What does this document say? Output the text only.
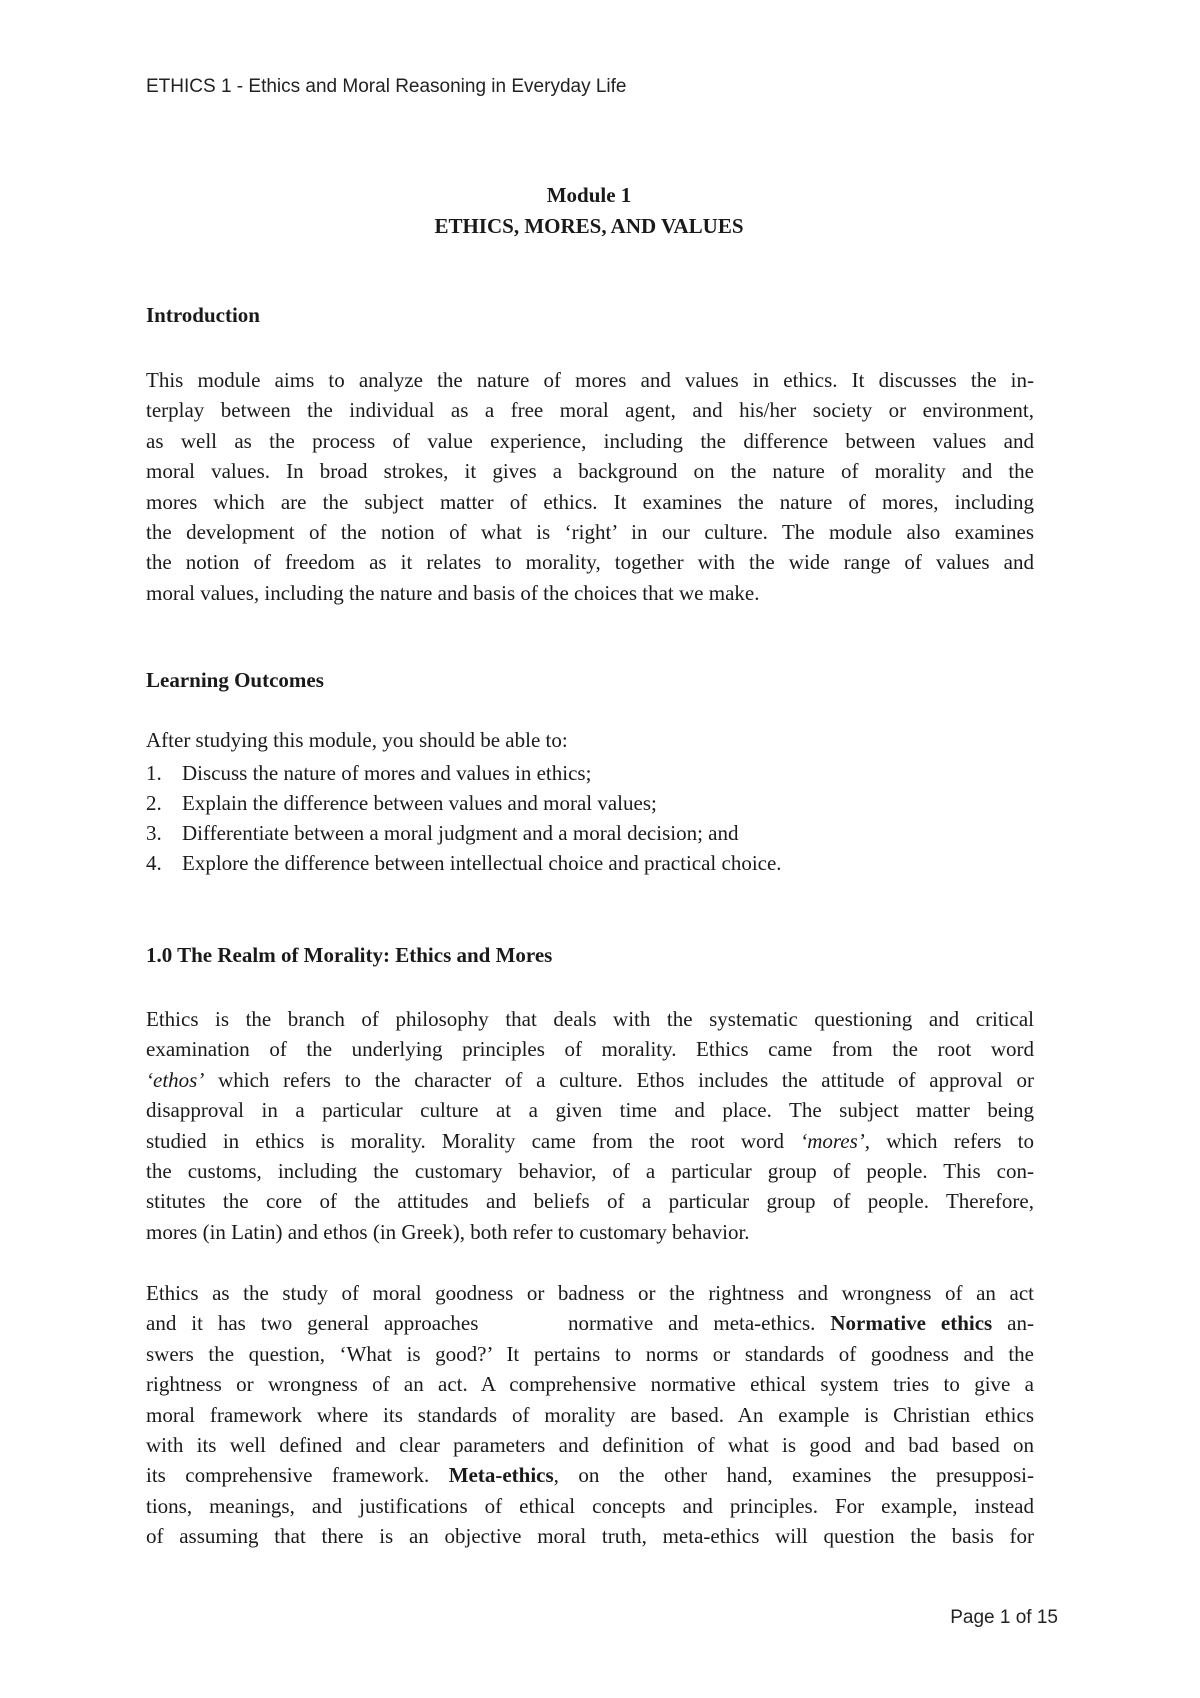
ETHICS 1 - Ethics and Moral Reasoning in Everyday Life
Module 1
ETHICS, MORES, AND VALUES
Introduction
This module aims to analyze the nature of mores and values in ethics. It discusses the in-
terplay between the individual as a free moral agent, and his/her society or environment,
as well as the process of value experience, including the difference between values and
moral values. In broad strokes, it gives a background on the nature of morality and the
mores which are the subject matter of ethics. It examines the nature of mores, including
the development of the notion of what is ‘right’ in our culture. The module also examines
the notion of freedom as it relates to morality, together with the wide range of values and
moral values, including the nature and basis of the choices that we make.
Learning Outcomes
After studying this module, you should be able to:
1. Discuss the nature of mores and values in ethics;
2. Explain the difference between values and moral values;
3. Differentiate between a moral judgment and a moral decision; and
4. Explore the difference between intellectual choice and practical choice.
1.0 The Realm of Morality: Ethics and Mores
Ethics is the branch of philosophy that deals with the systematic questioning and critical
examination of the underlying principles of morality. Ethics came from the root word
‘ethos’ which refers to the character of a culture. Ethos includes the attitude of approval or
disapproval in a particular culture at a given time and place. The subject matter being
studied in ethics is morality. Morality came from the root word ‘mores’, which refers to
the customs, including the customary behavior, of a particular group of people. This con-
stitutes the core of the attitudes and beliefs of a particular group of people. Therefore,
mores (in Latin) and ethos (in Greek), both refer to customary behavior.
Ethics as the study of moral goodness or badness or the rightness and wrongness of an act
and it has two general approaches      normative and meta-ethics. Normative ethics an-
swers the question, ‘What is good?’ It pertains to norms or standards of goodness and the
rightness or wrongness of an act. A comprehensive normative ethical system tries to give a
moral framework where its standards of morality are based. An example is Christian ethics
with its well defined and clear parameters and definition of what is good and bad based on
its comprehensive framework. Meta-ethics, on the other hand, examines the presupposi-
tions, meanings, and justifications of ethical concepts and principles. For example, instead
of assuming that there is an objective moral truth, meta-ethics will question the basis for
Page 1 of 15
